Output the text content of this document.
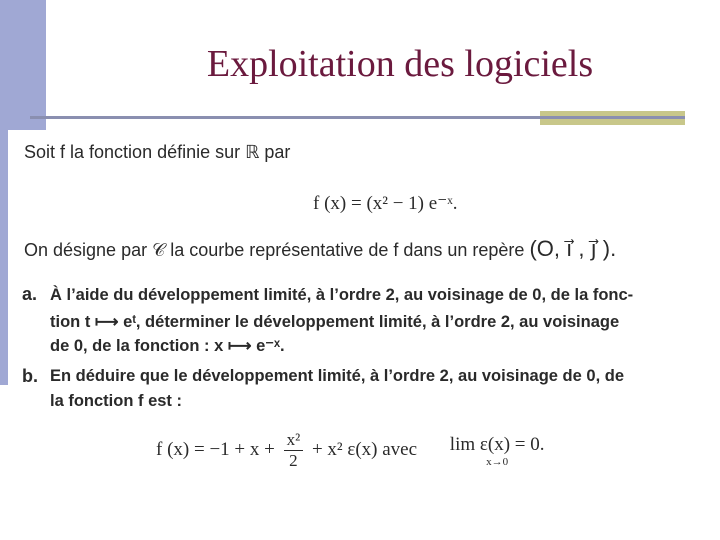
Exploitation des logiciels
Soit f la fonction définie sur ℝ par
f (x) = (x² − 1) e⁻ˣ.
On désigne par 𝒞 la courbe représentative de f dans un repère (O, i⃗ , j⃗ ).
a. À l’aide du développement limité, à l’ordre 2, au voisinage de 0, de la fonc-
tion t ⟼ eᵗ, déterminer le développement limité, à l’ordre 2, au voisinage
de 0, de la fonction : x ⟼ e⁻ˣ.
b. En déduire que le développement limité, à l’ordre 2, au voisinage de 0, de
la fonction f est :
f $(x) = -1 + x + \frac{\text{x²}}{2} + x^2$ ε(x) avec lim ε(x) = 0.
x→0
